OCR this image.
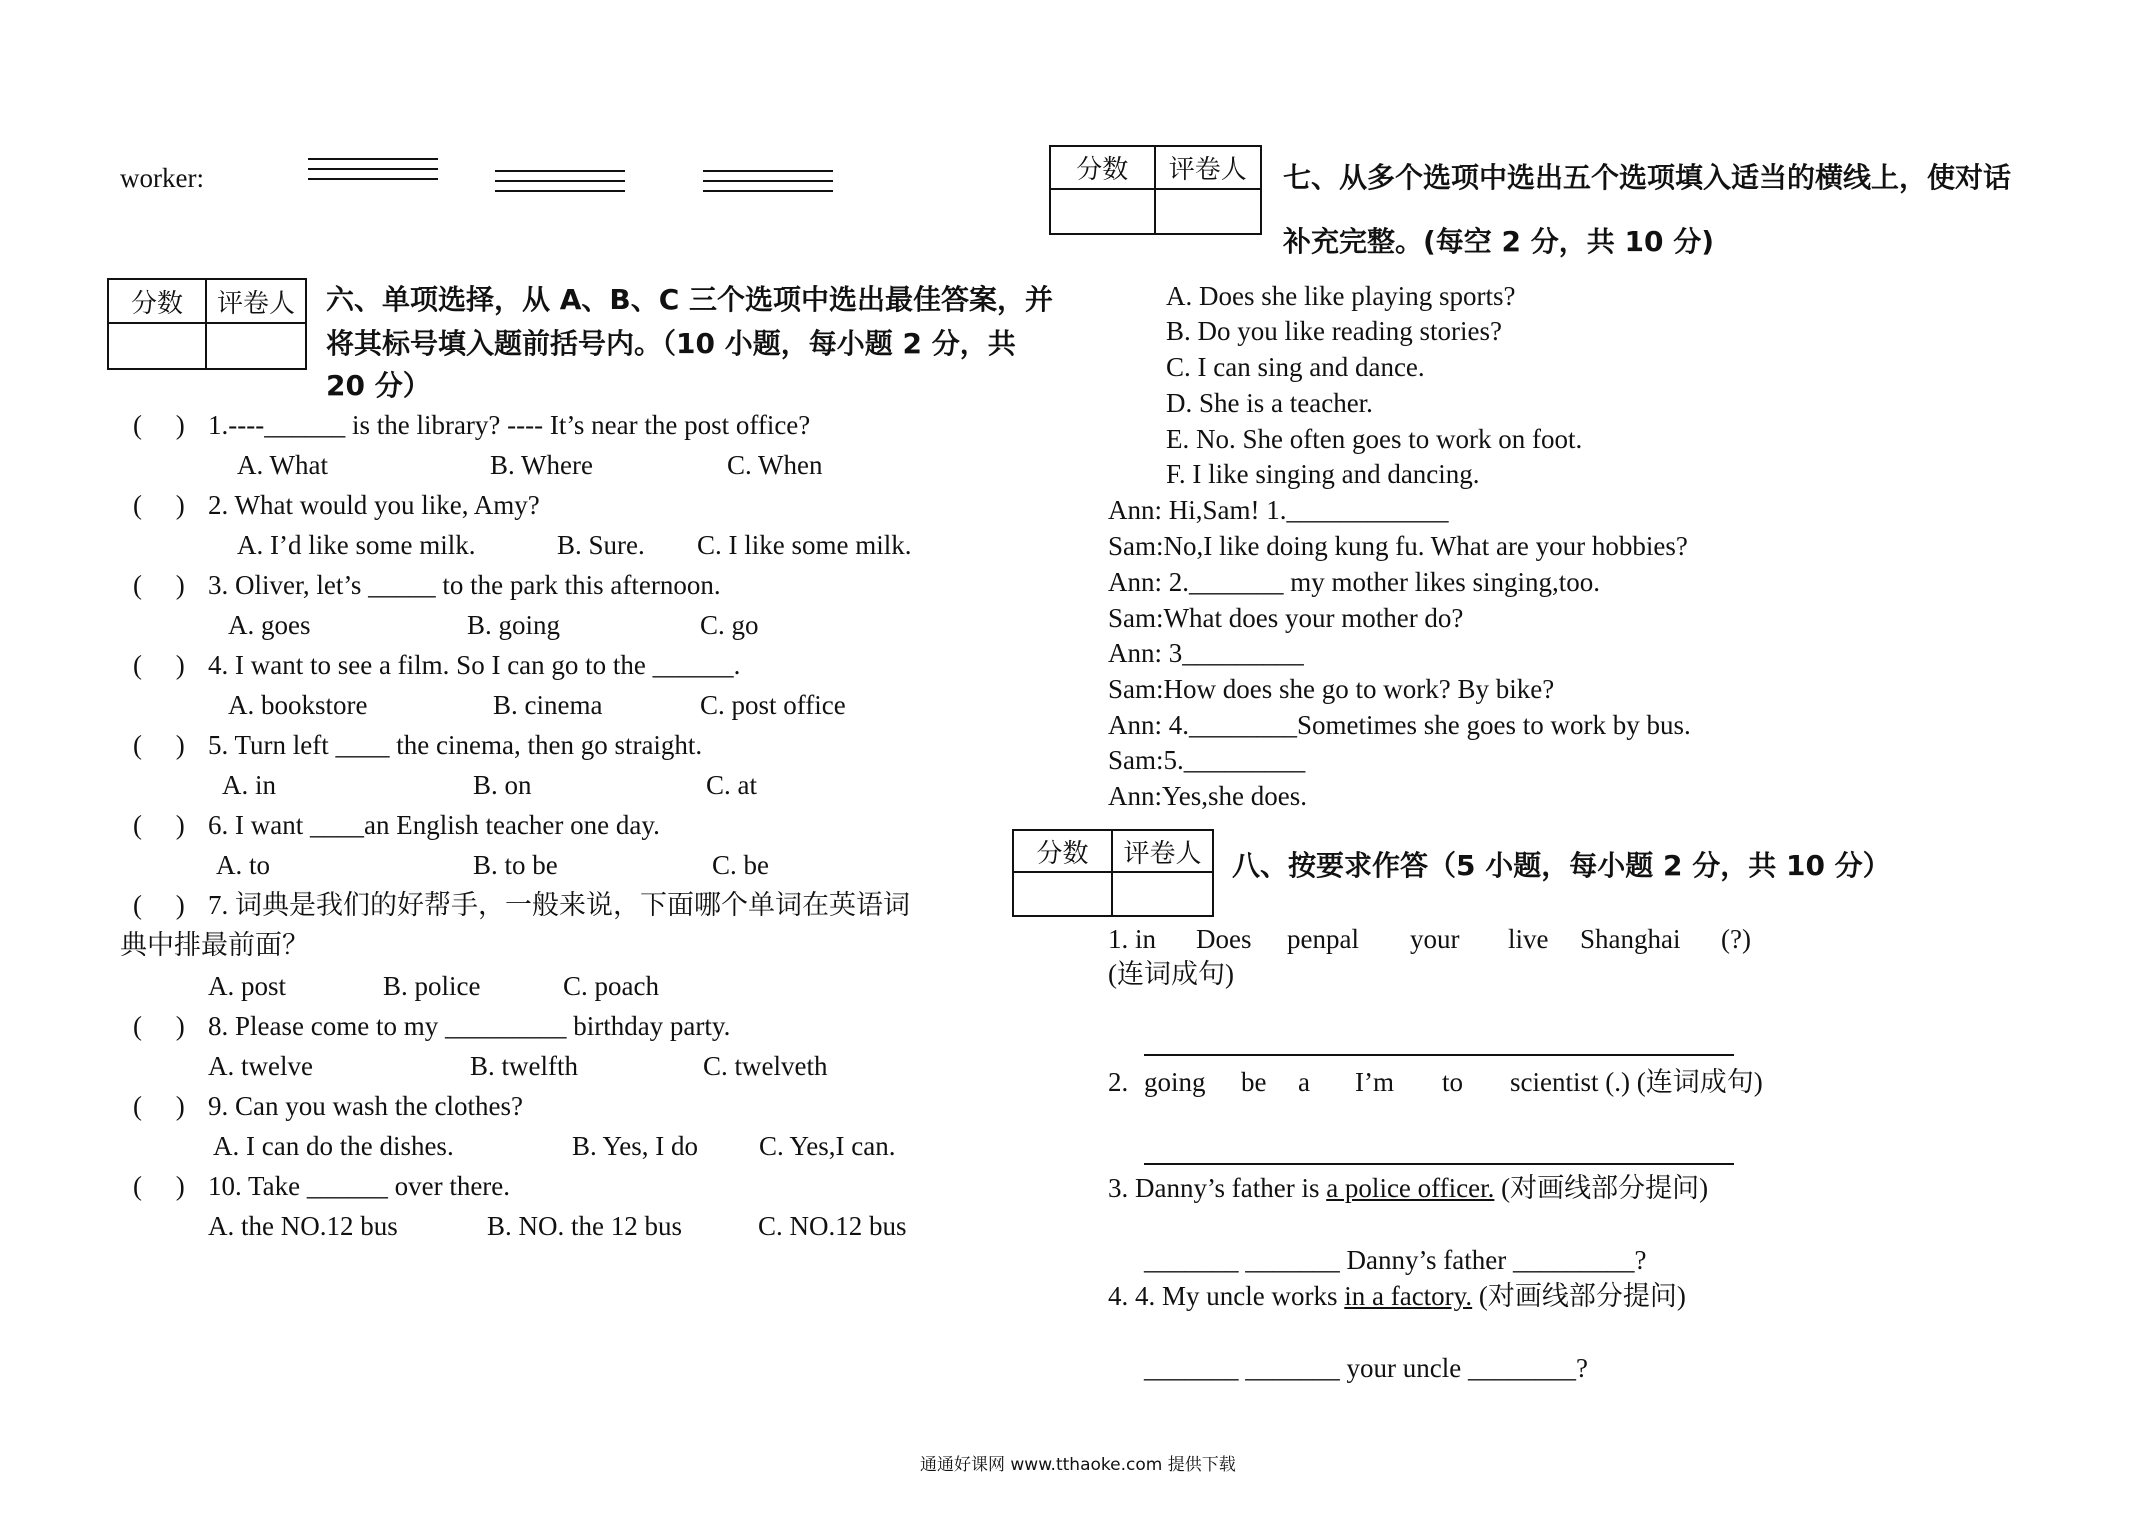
worker:
分数	评卷人	六、单项选择，从 A、B、C 三个选项中选出最佳答案，并
将其标号填入题前括号内。（10 小题，每小题 2 分，共
20 分）
(　 ) 1.----______ is the library? ---- It’s near the post office?
A. What	B. Where	C. When
(　 ) 2. What would you like, Amy?
A. I’d like some milk.	B. Sure. C. I like some milk.
(　 ) 3. Oliver, let’s _____ to the park this afternoon.
A. goes	B. going	C. go
(　 ) 4. I want to see a film. So I can go to the ______.
A. bookstore	B. cinema	C. post office
(　 ) 5. Turn left ____ the cinema, then go straight.
A. in	B. on	C. at
(　 ) 6. I want ____an English teacher one day.
A. to	B. to be	C. be
(　 ) 7. 词典是我们的好帮手，一般来说，下面哪个单词在英语词
典中排最前面？
A. post	B. police	C. poach
(　 ) 8. Please come to my _________ birthday party.
A. twelve	B. twelfth	C. twelveth
(　 ) 9. Can you wash the clothes?
A. I can do the dishes.	B. Yes, I do C. Yes,I can.
(　 ) 10. Take ______ over there.
A. the NO.12 bus	B. NO. the 12 bus	C. NO.12 bus
分数	评卷人	七、从多个选项中选出五个选项填入适当的横线上，使对话
补充完整。(每空 2 分，共 10 分)
A. Does she like playing sports?
B. Do you like reading stories?
C. I can sing and dance.
D. She is a teacher.
E. No. She often goes to work on foot.
F. I like singing and dancing.
Ann: Hi,Sam! 1.____________
Sam:No,I like doing kung fu. What are your hobbies?
Ann: 2._______ my mother likes singing,too.
Sam:What does your mother do?
Ann: 3_________
Sam:How does she go to work? By bike?
Ann: 4.________Sometimes she goes to work by bus.
Sam:5._________
Ann:Yes,she does.
分数	评卷人	八、按要求作答（5 小题，每小题 2 分，共 10 分）
1. in Does penpal your live Shanghai (?)
(连词成句)
2. going be a I’m to scientist (.) (连词成句)
3. Danny’s father is a police officer. (对画线部分提问)
_______ _______ Danny’s father _________?
4. 4. My uncle works in a factory. (对画线部分提问)
_______ _______ your uncle ________?
通通好课网 www.tthaoke.com 提供下载
